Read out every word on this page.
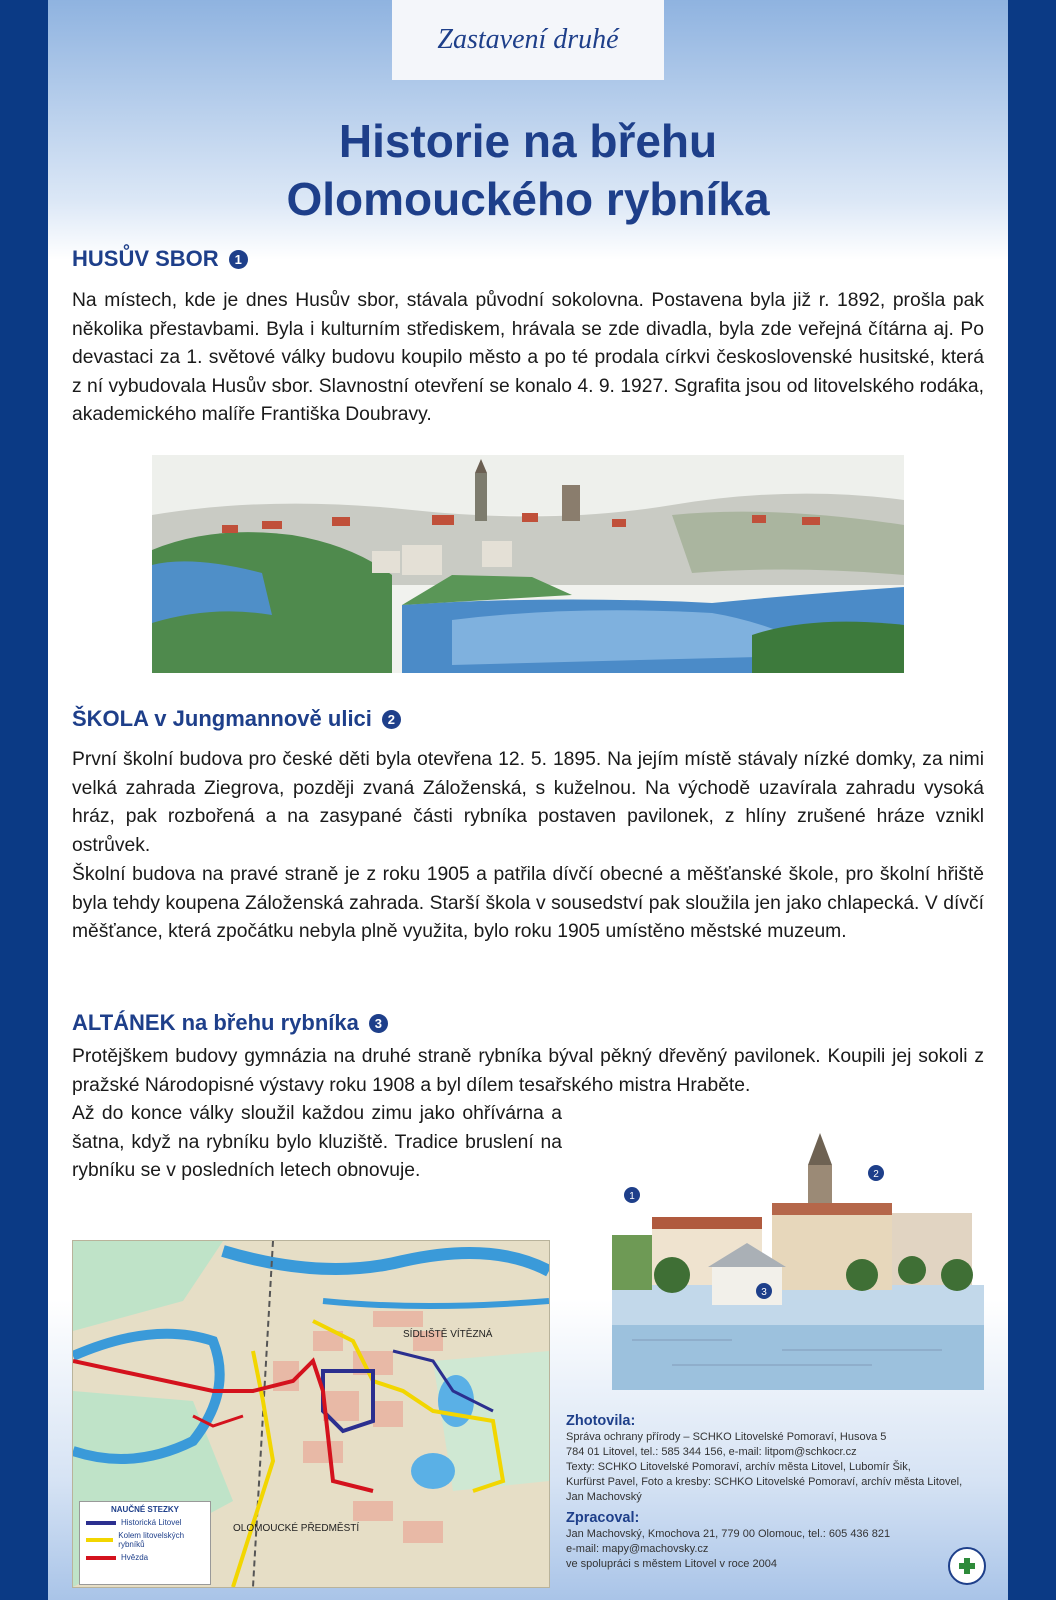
Zastavení druhé
Historie na břehu
Olomouckého rybníka
HUSŮV SBOR	1

Na místech, kde je dnes Husův sbor, stávala původní sokolovna. Postavena byla již r. 1892, prošla pak několika přestavbami. Byla i kulturním střediskem, hrávala se zde divadla, byla zde veřejná čítárna aj. Po devastaci za 1. světové války budovu koupilo město a po té prodala církvi československé husitské, která z ní vybudovala Husův sbor. Slavnostní otevření se konalo 4. 9. 1927. Sgrafita jsou od litovelského rodáka, akademického malíře Františka Doubravy.

ŠKOLA v Jungmannově ulici	2

První školní budova pro české děti byla otevřena 12. 5. 1895. Na jejím místě stávaly nízké domky, za nimi velká zahrada Ziegrova, později zvaná Záloženská, s kuželnou. Na východě uzavírala zahradu vysoká hráz, pak rozbořená a na zasypané části rybníka postaven pavilonek, z hlíny zrušené hráze vznikl ostrůvek.

Školní budova na pravé straně je z roku 1905 a patřila dívčí obecné a měšťanské škole, pro školní hřiště byla tehdy koupena Záloženská zahrada. Starší škola v sousedství pak sloužila jen jako chlapecká. V dívčí měšťance, která zpočátku nebyla plně využita, bylo roku 1905 umístěno městské muzeum.

ALTÁNEK na břehu rybníka	3

Protějškem budovy gymnázia na druhé straně rybníka býval pěkný dřevěný pavilonek. Koupili jej sokoli z pražské Národopisné výstavy roku 1908 a byl dílem tesařského mistra Hraběte.

Až do konce války sloužil každou zimu jako ohřívárna a šatna, když na rybníku bylo kluziště. Tradice bruslení na rybníku se v posledních letech obnovuje.

1
2
3
SÍDLIŠTĚ VÍTĚZNÁ
OLOMOUCKÉ PŘEDMĚSTÍ
NAUČNÉ STEZKY
Historická Litovel
Kolem litovelských rybníků
Hvězda

Zhotovila:

Správa ochrany přírody – SCHKO Litovelské Pomoraví, Husova 5

784 01 Litovel, tel.: 585 344 156, e-mail: litpom@schkocr.cz

Texty: SCHKO Litovelské Pomoraví, archív města Litovel, Lubomír Šik,

Kurfürst Pavel, Foto a kresby: SCHKO Litovelské Pomoraví, archív města Litovel,

Jan Machovský

Zpracoval:

Jan Machovský, Kmochova 21, 779 00 Olomouc, tel.: 605 436 821

e-mail: mapy@machovsky.cz

ve spolupráci s městem Litovel v roce 2004
